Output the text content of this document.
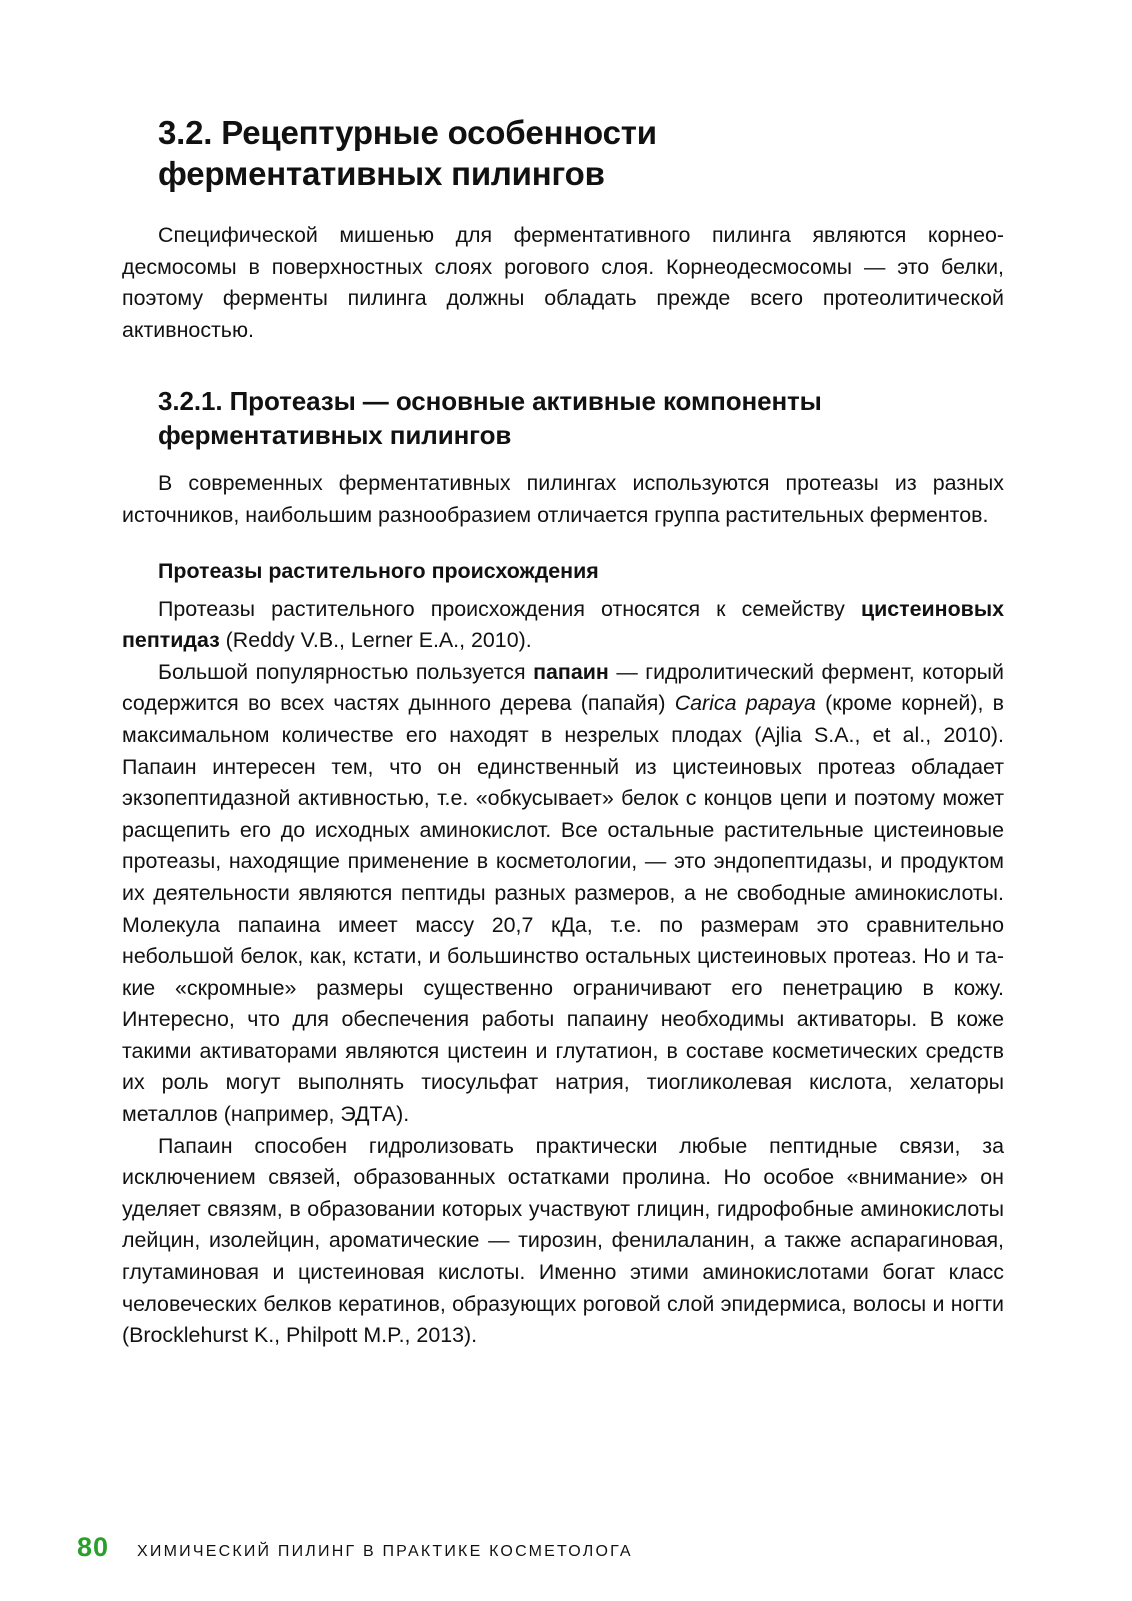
3.2. Рецептурные особенности
ферментативных пилингов

Специфической мишенью для ферментативного пилинга являются корнеодесмосомы в поверхностных слоях рогового слоя. Корнеодесмосомы — это белки, поэтому ферменты пилинга должны обладать прежде всего протеолитической активностью.

3.2.1. Протеазы — основные активные компоненты
ферментативных пилингов

В современных ферментативных пилингах используются протеазы из разных источников, наибольшим разнообразием отличается группа растительных ферментов.

Протеазы растительного происхождения

Протеазы растительного происхождения относятся к семейству цистеиновых пептидаз (Reddy V.B., Lerner E.A., 2010).

Большой популярностью пользуется папаин — гидролитический фермент, который содержится во всех частях дынного дерева (папайя) Carica papaya (кроме корней), в максимальном количестве его находят в незрелых плодах (Ajlia S.A., et al., 2010). Папаин интересен тем, что он единственный из цистеиновых протеаз обладает экзопептидазной активностью, т.е. «обкусывает» белок с концов цепи и поэтому может расщепить его до исходных аминокислот. Все остальные растительные цистеиновые протеазы, находящие применение в косметологии, — это эндопептидазы, и продуктом их деятельности являются пептиды разных размеров, а не свободные аминокислоты. Молекула папаина имеет массу 20,7 кДа, т.е. по размерам это сравнительно небольшой белок, как, кстати, и большинство остальных цистеиновых протеаз. Но и такие «скромные» размеры существенно ограничивают его пенетрацию в кожу. Интересно, что для обеспечения работы папаину необходимы активаторы. В коже такими активаторами являются цистеин и глутатион, в составе косметических средств их роль могут выполнять тиосульфат натрия, тиогликолевая кислота, хелаторы металлов (например, ЭДТА).

Папаин способен гидролизовать практически любые пептидные связи, за исключением связей, образованных остатками пролина. Но особое «внимание» он уделяет связям, в образовании которых участвуют глицин, гидрофобные аминокислоты лейцин, изолейцин, ароматические — тирозин, фенилаланин, а также аспарагиновая, глутаминовая и цистеиновая кислоты. Именно этими аминокислотами богат класс человеческих белков кератинов, образующих роговой слой эпидермиса, волосы и ногти (Brocklehurst K., Philpott M.P., 2013).

80 ХИМИЧЕСКИЙ ПИЛИНГ В ПРАКТИКЕ КОСМЕТОЛОГА
